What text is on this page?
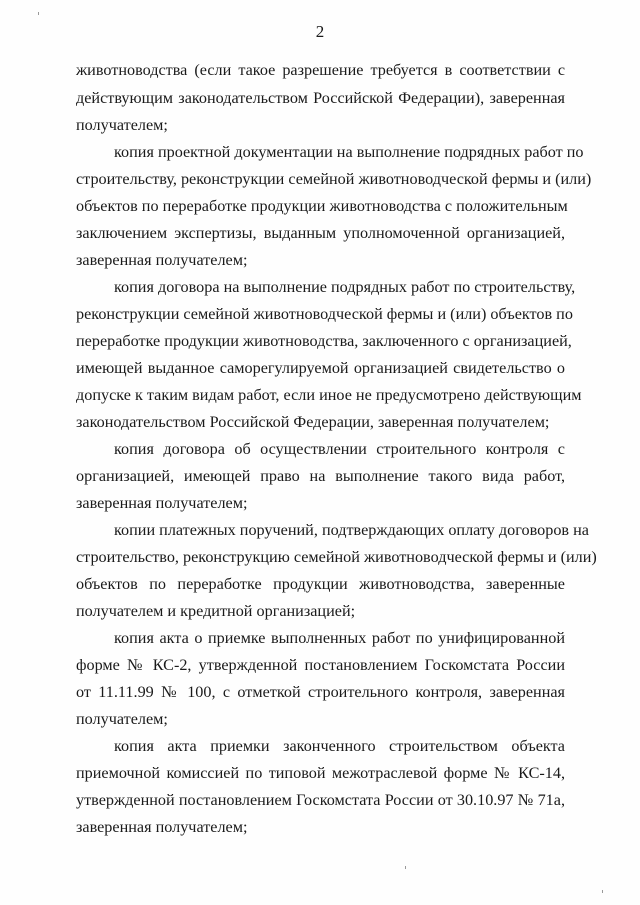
2
животноводства (если такое разрешение требуется в соответствии с
действующим законодательством Российской Федерации), заверенная
получателем;
копия проектной документации на выполнение подрядных работ по
строительству, реконструкции семейной животноводческой фермы и (или)
объектов по переработке продукции животноводства с положительным
заключением экспертизы, выданным уполномоченной организацией,
заверенная получателем;
копия договора на выполнение подрядных работ по строительству,
реконструкции семейной животноводческой фермы и (или) объектов по
переработке продукции животноводства, заключенного с организацией,
имеющей выданное саморегулируемой организацией свидетельство о
допуске к таким видам работ, если иное не предусмотрено действующим
законодательством Российской Федерации, заверенная получателем;
копия договора об осуществлении строительного контроля с
организацией, имеющей право на выполнение такого вида работ,
заверенная получателем;
копии платежных поручений, подтверждающих оплату договоров на
строительство, реконструкцию семейной животноводческой фермы и (или)
объектов по переработке продукции животноводства, заверенные
получателем и кредитной организацией;
копия акта о приемке выполненных работ по унифицированной
форме № КС-2, утвержденной постановлением Госкомстата России
от 11.11.99 № 100, с отметкой строительного контроля, заверенная
получателем;
копия акта приемки законченного строительством объекта
приемочной комиссией по типовой межотраслевой форме № КС-14,
утвержденной постановлением Госкомстата России от 30.10.97 № 71а,
заверенная получателем;
